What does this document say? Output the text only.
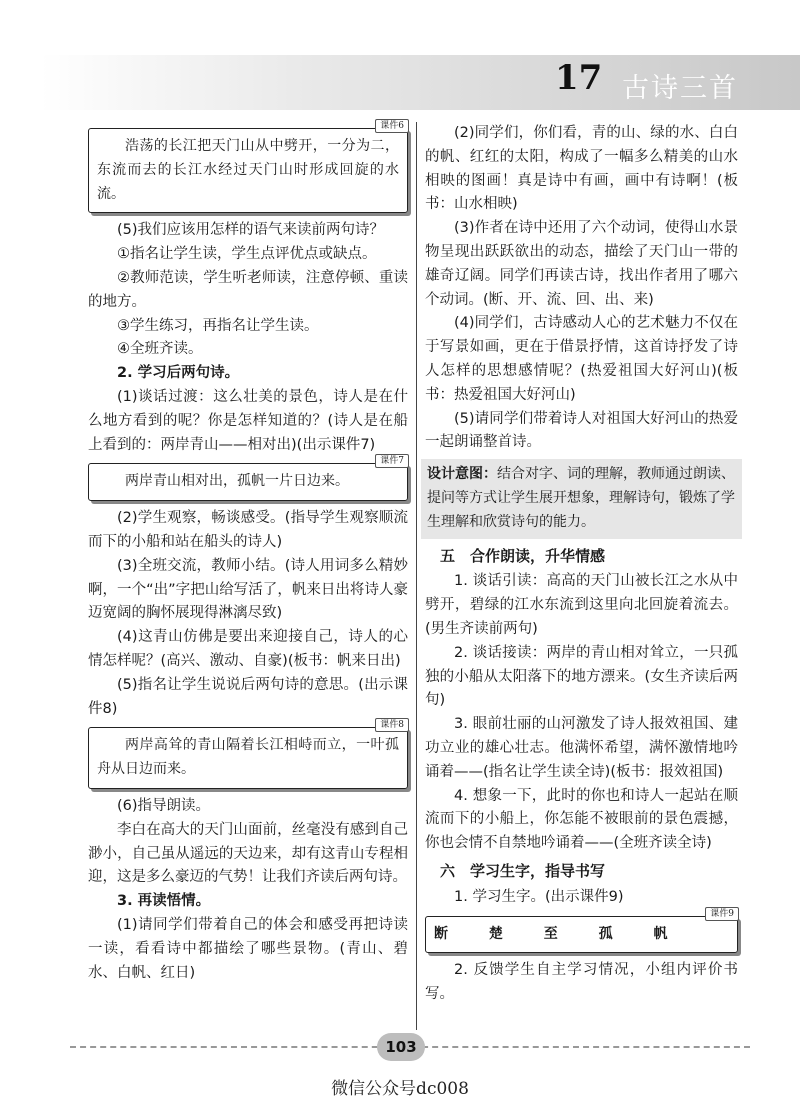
17 古诗三首
课件6
浩荡的长江把天门山从中劈开，一分为二，东流而去的长江水经过天门山时形成回旋的水流。

(5)我们应该用怎样的语气来读前两句诗？

①指名让学生读，学生点评优点或缺点。

②教师范读，学生听老师读，注意停顿、重读的地方。

③学生练习，再指名让学生读。

④全班齐读。

2. 学习后两句诗。

(1)谈话过渡：这么壮美的景色，诗人是在什么地方看到的呢？你是怎样知道的？(诗人是在船上看到的：两岸青山——相对出)(出示课件7)

课件7
两岸青山相对出，孤帆一片日边来。

(2)学生观察，畅谈感受。(指导学生观察顺流而下的小船和站在船头的诗人)

(3)全班交流，教师小结。(诗人用词多么精妙啊，一个“出”字把山给写活了，帆来日出将诗人豪迈宽阔的胸怀展现得淋漓尽致)

(4)这青山仿佛是要出来迎接自己，诗人的心情怎样呢？(高兴、激动、自豪)(板书：帆来日出)

(5)指名让学生说说后两句诗的意思。(出示课件8)

课件8
两岸高耸的青山隔着长江相峙而立，一叶孤舟从日边而来。

(6)指导朗读。

李白在高大的天门山面前，丝毫没有感到自己渺小，自己虽从遥远的天边来，却有这青山专程相迎，这是多么豪迈的气势！让我们齐读后两句诗。

3. 再读悟情。

(1)请同学们带着自己的体会和感受再把诗读一读，看看诗中都描绘了哪些景物。(青山、碧水、白帆、红日)

(2)同学们，你们看，青的山、绿的水、白白的帆、红红的太阳，构成了一幅多么精美的山水相映的图画！真是诗中有画，画中有诗啊！(板书：山水相映)

(3)作者在诗中还用了六个动词，使得山水景物呈现出跃跃欲出的动态，描绘了天门山一带的雄奇辽阔。同学们再读古诗，找出作者用了哪六个动词。(断、开、流、回、出、来)

(4)同学们，古诗感动人心的艺术魅力不仅在于写景如画，更在于借景抒情，这首诗抒发了诗人怎样的思想感情呢？(热爱祖国大好河山)(板书：热爱祖国大好河山)

(5)请同学们带着诗人对祖国大好河山的热爱一起朗诵整首诗。

设计意图：结合对字、词的理解，教师通过朗读、提问等方式让学生展开想象，理解诗句，锻炼了学生理解和欣赏诗句的能力。
五　合作朗读，升华情感

1. 谈话引读：高高的天门山被长江之水从中劈开，碧绿的江水东流到这里向北回旋着流去。(男生齐读前两句)

2. 谈话接读：两岸的青山相对耸立，一只孤独的小船从太阳落下的地方漂来。(女生齐读后两句)

3. 眼前壮丽的山河激发了诗人报效祖国、建功立业的雄心壮志。他满怀希望，满怀激情地吟诵着——(指名让学生读全诗)(板书：报效祖国)

4. 想象一下，此时的你也和诗人一起站在顺流而下的小船上，你怎能不被眼前的景色震撼，你也会情不自禁地吟诵着——(全班齐读全诗)

六　学习生字，指导书写

1. 学习生字。(出示课件9)

课件9
断 楚 至 孤 帆

2. 反馈学生自主学习情况，小组内评价书写。

103
微信公众号dc008
